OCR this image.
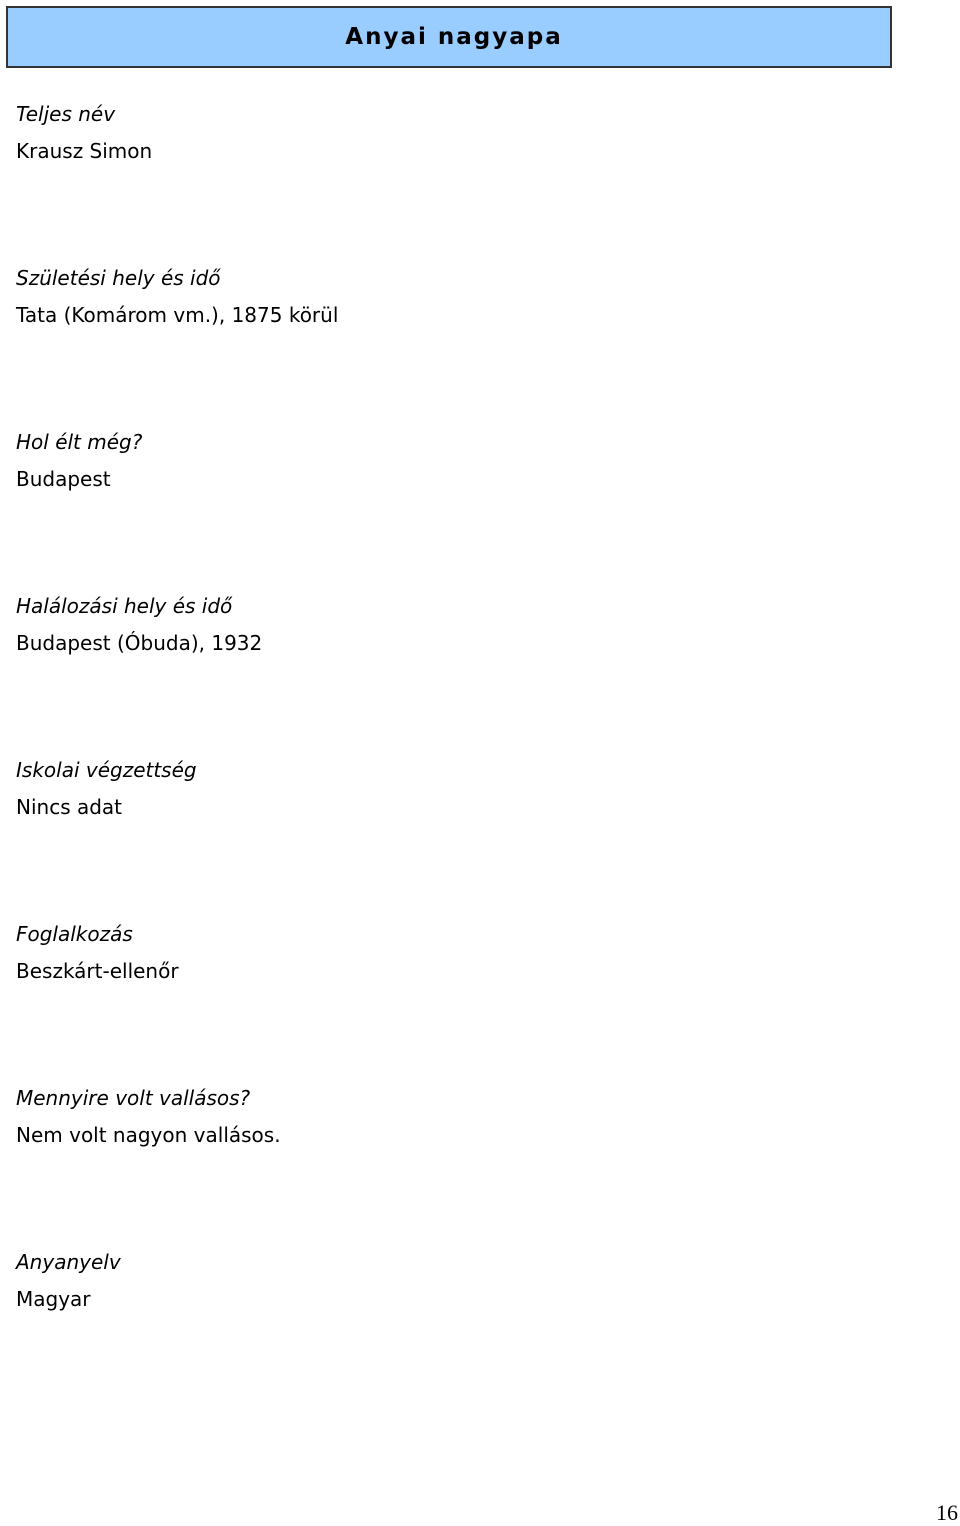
Anyai nagyapa
Teljes név
Krausz Simon
Születési hely és idő
Tata (Komárom vm.), 1875 körül
Hol élt még?
Budapest
Halálozási hely és idő
Budapest (Óbuda), 1932
Iskolai végzettség
Nincs adat
Foglalkozás
Beszkárt-ellenőr
Mennyire volt vallásos?
Nem volt nagyon vallásos.
Anyanyelv
Magyar
16
